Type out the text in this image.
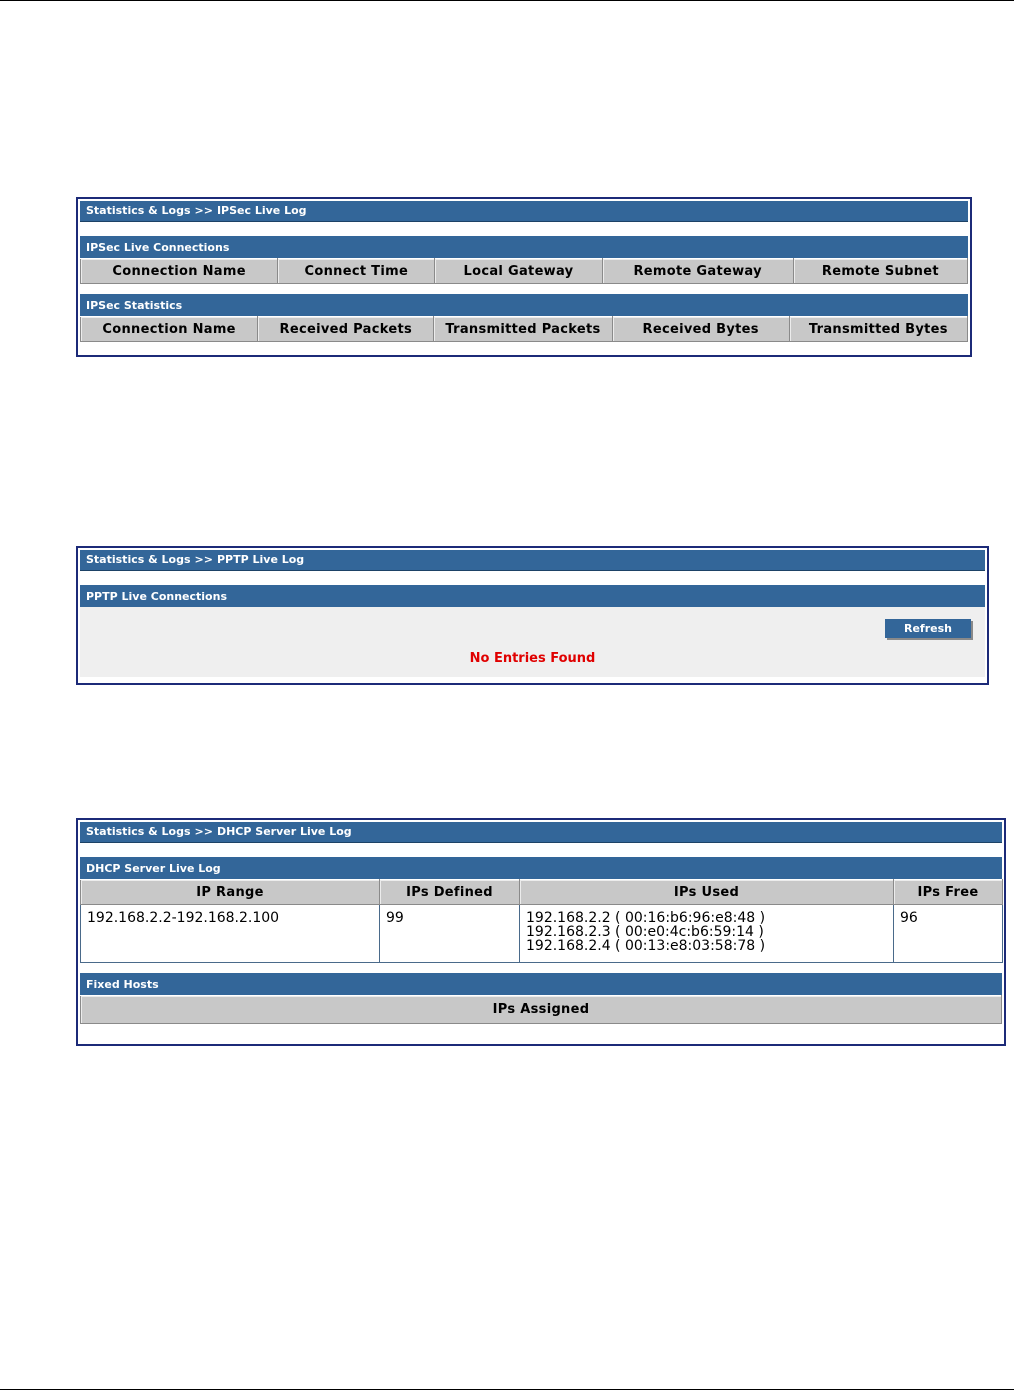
Statistics & Logs >> IPSec Live Log
IPSec Live Connections
Connection Name	Connect Time	Local Gateway	Remote Gateway	Remote Subnet
IPSec Statistics
Connection Name	Received Packets	Transmitted Packets	Received Bytes	Transmitted Bytes
Statistics & Logs >> PPTP Live Log
PPTP Live Connections
Refresh
No Entries Found
Statistics & Logs >> DHCP Server Live Log
DHCP Server Live Log
IP Range	IPs Defined	IPs Used	IPs Free
192.168.2.2-192.168.2.100	99	192.168.2.2 ( 00:16:b6:96:e8:48 )
192.168.2.3 ( 00:e0:4c:b6:59:14 )
192.168.2.4 ( 00:13:e8:03:58:78 )	96
Fixed Hosts
IPs Assigned
